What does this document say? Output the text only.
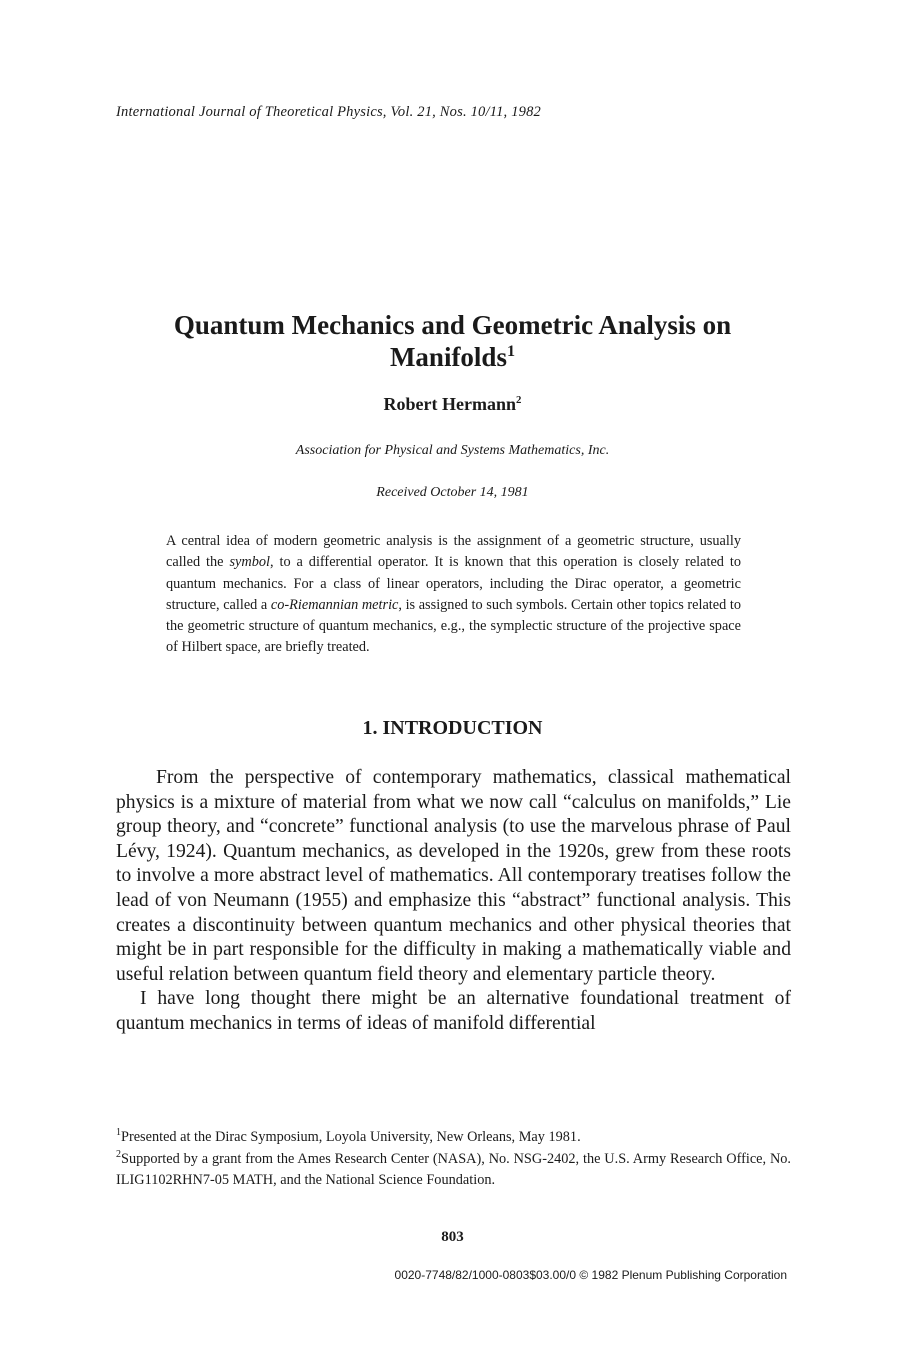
International Journal of Theoretical Physics, Vol. 21, Nos. 10/11, 1982
Quantum Mechanics and Geometric Analysis on Manifolds$^1$
Robert Hermann$^2$
Association for Physical and Systems Mathematics, Inc.
Received October 14, 1981
A central idea of modern geometric analysis is the assignment of a geometric structure, usually called the symbol, to a differential operator. It is known that this operation is closely related to quantum mechanics. For a class of linear operators, including the Dirac operator, a geometric structure, called a co-Riemannian metric, is assigned to such symbols. Certain other topics related to the geometric structure of quantum mechanics, e.g., the symplectic structure of the projective space of Hilbert space, are briefly treated.
1. INTRODUCTION

From the perspective of contemporary mathematics, classical mathematical physics is a mixture of material from what we now call “calculus on manifolds,” Lie group theory, and “concrete” functional analysis (to use the marvelous phrase of Paul Lévy, 1924). Quantum mechanics, as developed in the 1920s, grew from these roots to involve a more abstract level of mathematics. All contemporary treatises follow the lead of von Neumann (1955) and emphasize this “abstract” functional analysis. This creates a discontinuity between quantum mechanics and other physical theories that might be in part responsible for the difficulty in making a mathematically viable and useful relation between quantum field theory and elementary particle theory.

I have long thought there might be an alternative foundational treatment of quantum mechanics in terms of ideas of manifold differential

$^1$Presented at the Dirac Symposium, Loyola University, New Orleans, May 1981.

$^2$Supported by a grant from the Ames Research Center (NASA), No. NSG-2402, the U.S. Army Research Office, No. ILIG1102RHN7-05 MATH, and the National Science Foundation.

803
0020-7748/82/1000-0803$03.00/0 © 1982 Plenum Publishing Corporation
